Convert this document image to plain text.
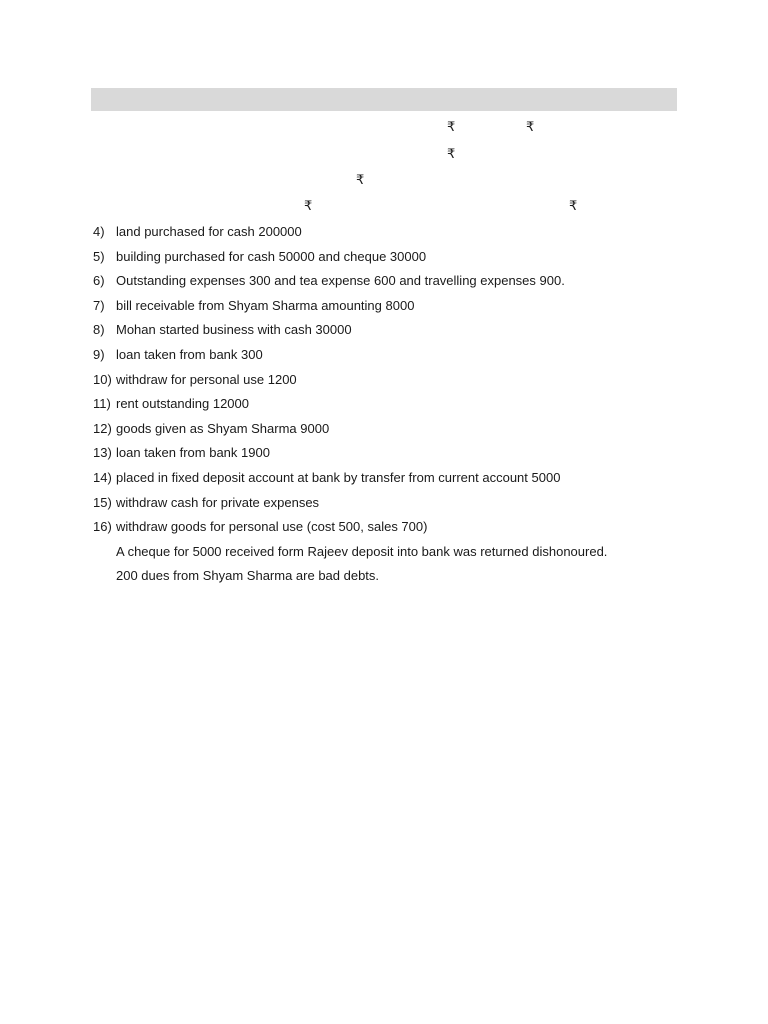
₹	₹
₹
₹
₹	₹
4) land purchased for cash 200000
5) building purchased for cash 50000 and cheque 30000
6) Outstanding expenses 300 and tea expense 600 and travelling expenses 900.
7) bill receivable from Shyam Sharma amounting 8000
8) Mohan started business with cash 30000
9) loan taken from bank 300
10) withdraw for personal use 1200
11) rent outstanding 12000
12) goods given as Shyam Sharma 9000
13) loan taken from bank 1900
14) placed in fixed deposit account at bank by transfer from current account 5000
15) withdraw cash for private expenses
16) withdraw goods for personal use (cost 500, sales 700)
A cheque for 5000 received form Rajeev deposit into bank was returned dishonoured.
200 dues from Shyam Sharma are bad debts.
